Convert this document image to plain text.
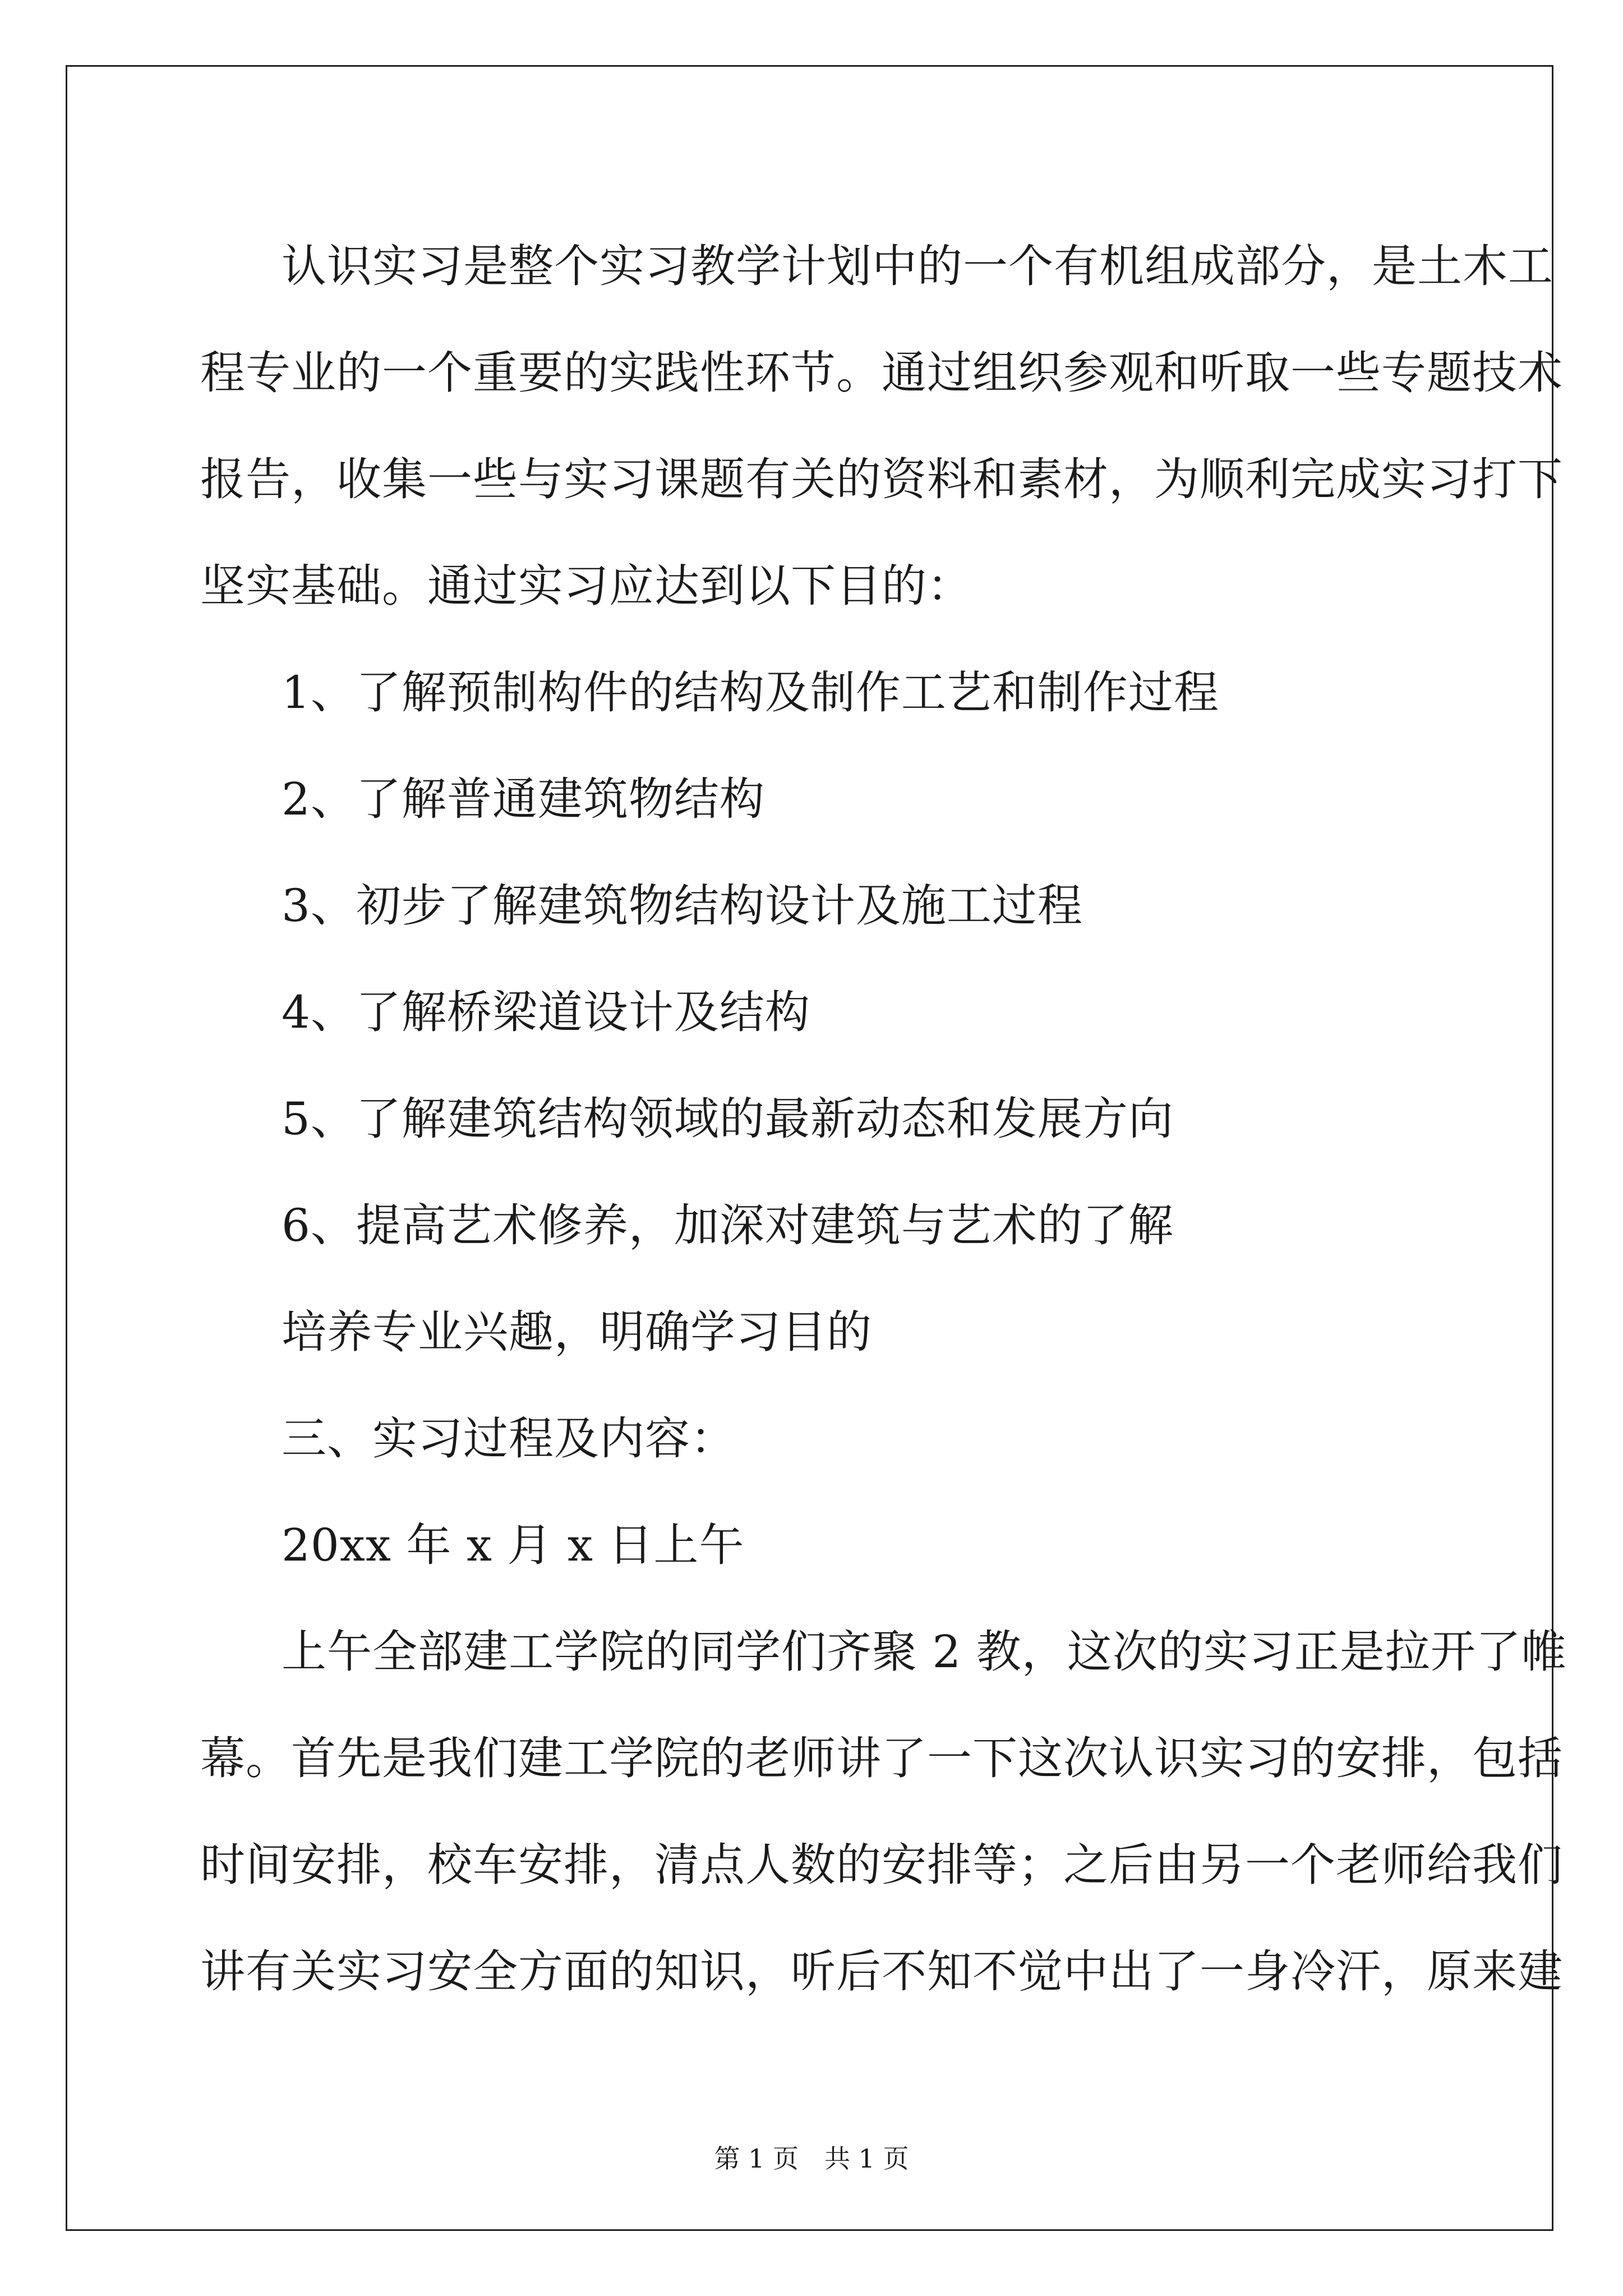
认识实习是整个实习教学计划中的一个有机组成部分，是土木工
程专业的一个重要的实践性环节。通过组织参观和听取一些专题技术
报告，收集一些与实习课题有关的资料和素材，为顺利完成实习打下
坚实基础。通过实习应达到以下目的：
1、了解预制构件的结构及制作工艺和制作过程
2、了解普通建筑物结构
3、初步了解建筑物结构设计及施工过程
4、了解桥梁道设计及结构
5、了解建筑结构领域的最新动态和发展方向
6、提高艺术修养，加深对建筑与艺术的了解
培养专业兴趣，明确学习目的
三、实习过程及内容：
20xx 年 x 月 x 日上午
上午全部建工学院的同学们齐聚 2 教，这次的实习正是拉开了帷
幕。首先是我们建工学院的老师讲了一下这次认识实习的安排，包括
时间安排，校车安排，清点人数的安排等；之后由另一个老师给我们
讲有关实习安全方面的知识，听后不知不觉中出了一身冷汗，原来建
第 1 页　共 1 页
